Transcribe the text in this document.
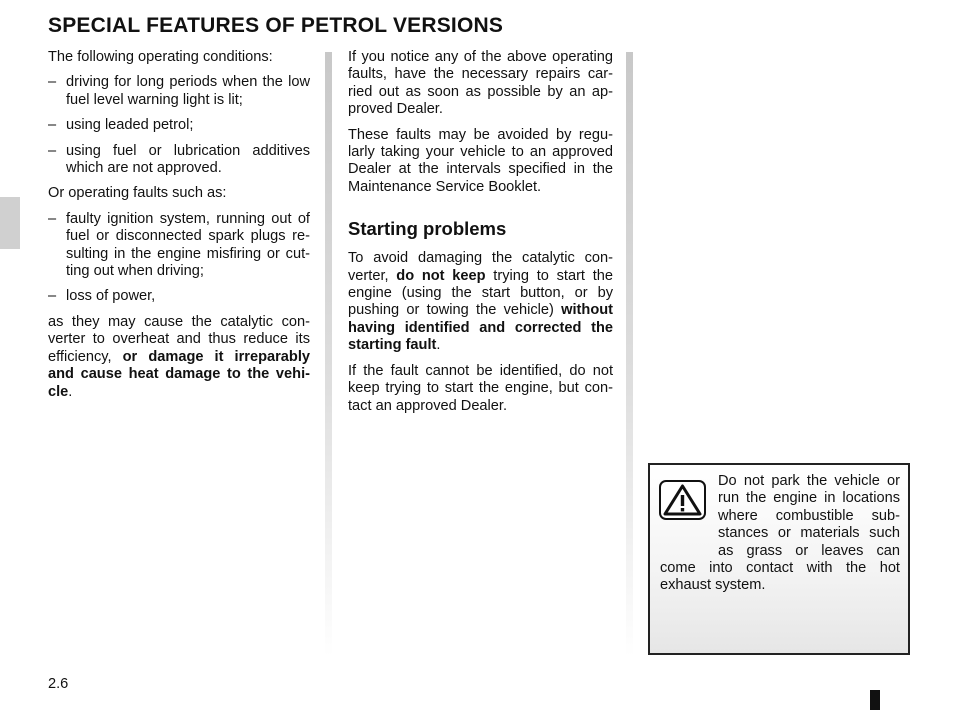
SPECIAL FEATURES OF PETROL VERSIONS

The following operating conditions:

– driving for long periods when the low fuel level warning light is lit;
– using leaded petrol;
– using fuel or lubrication additives which are not approved.

Or operating faults such as:

– faulty ignition system, running out of fuel or disconnected spark plugs re-sulting in the engine misfiring or cut-ting out when driving;
– loss of power,

as they may cause the catalytic con-verter to overheat and thus reduce its efficiency, or damage it irreparably and cause heat damage to the vehi-cle.

If you notice any of the above operating faults, have the necessary repairs car-ried out as soon as possible by an ap-proved Dealer.

These faults may be avoided by regu-larly taking your vehicle to an approved Dealer at the intervals specified in the Maintenance Service Booklet.

Starting problems

To avoid damaging the catalytic con-verter, do not keep trying to start the engine (using the start button, or by pushing or towing the vehicle) without having identified and corrected the starting fault.

If the fault cannot be identified, do not keep trying to start the engine, but con-tact an approved Dealer.

Do not park the vehicle or run the engine in locations where combustible sub-stances or materials such as grass or leaves can come into contact with the hot exhaust system.
2.6
